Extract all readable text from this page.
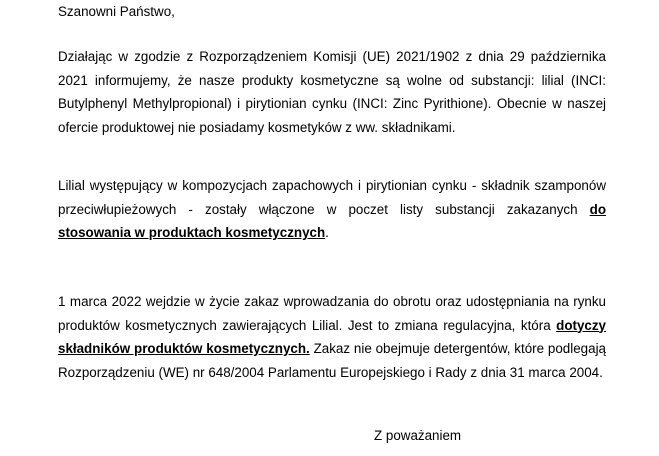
Szanowni Państwo,

Działając w zgodzie z Rozporządzeniem Komisji (UE) 2021/1902 z dnia 29 października 2021 informujemy, że nasze produkty kosmetyczne są wolne od substancji: lilial (INCI: Butylphenyl Methylpropional) i pirytionian cynku (INCI: Zinc Pyrithione). Obecnie w naszej ofercie produktowej nie posiadamy kosmetyków z ww. składnikami.

Lilial występujący w kompozycjach zapachowych i pirytionian cynku - składnik szamponów przeciwłupieżowych - zostały włączone w poczet listy substancji zakazanych do stosowania w produktach kosmetycznych.

1 marca 2022 wejdzie w życie zakaz wprowadzania do obrotu oraz udostępniania na rynku produktów kosmetycznych zawierających Lilial. Jest to zmiana regulacyjna, która dotyczy składników produktów kosmetycznych. Zakaz nie obejmuje detergentów, które podlegają Rozporządzeniu (WE) nr 648/2004 Parlamentu Europejskiego i Rady z dnia 31 marca 2004.

Z poważaniem
